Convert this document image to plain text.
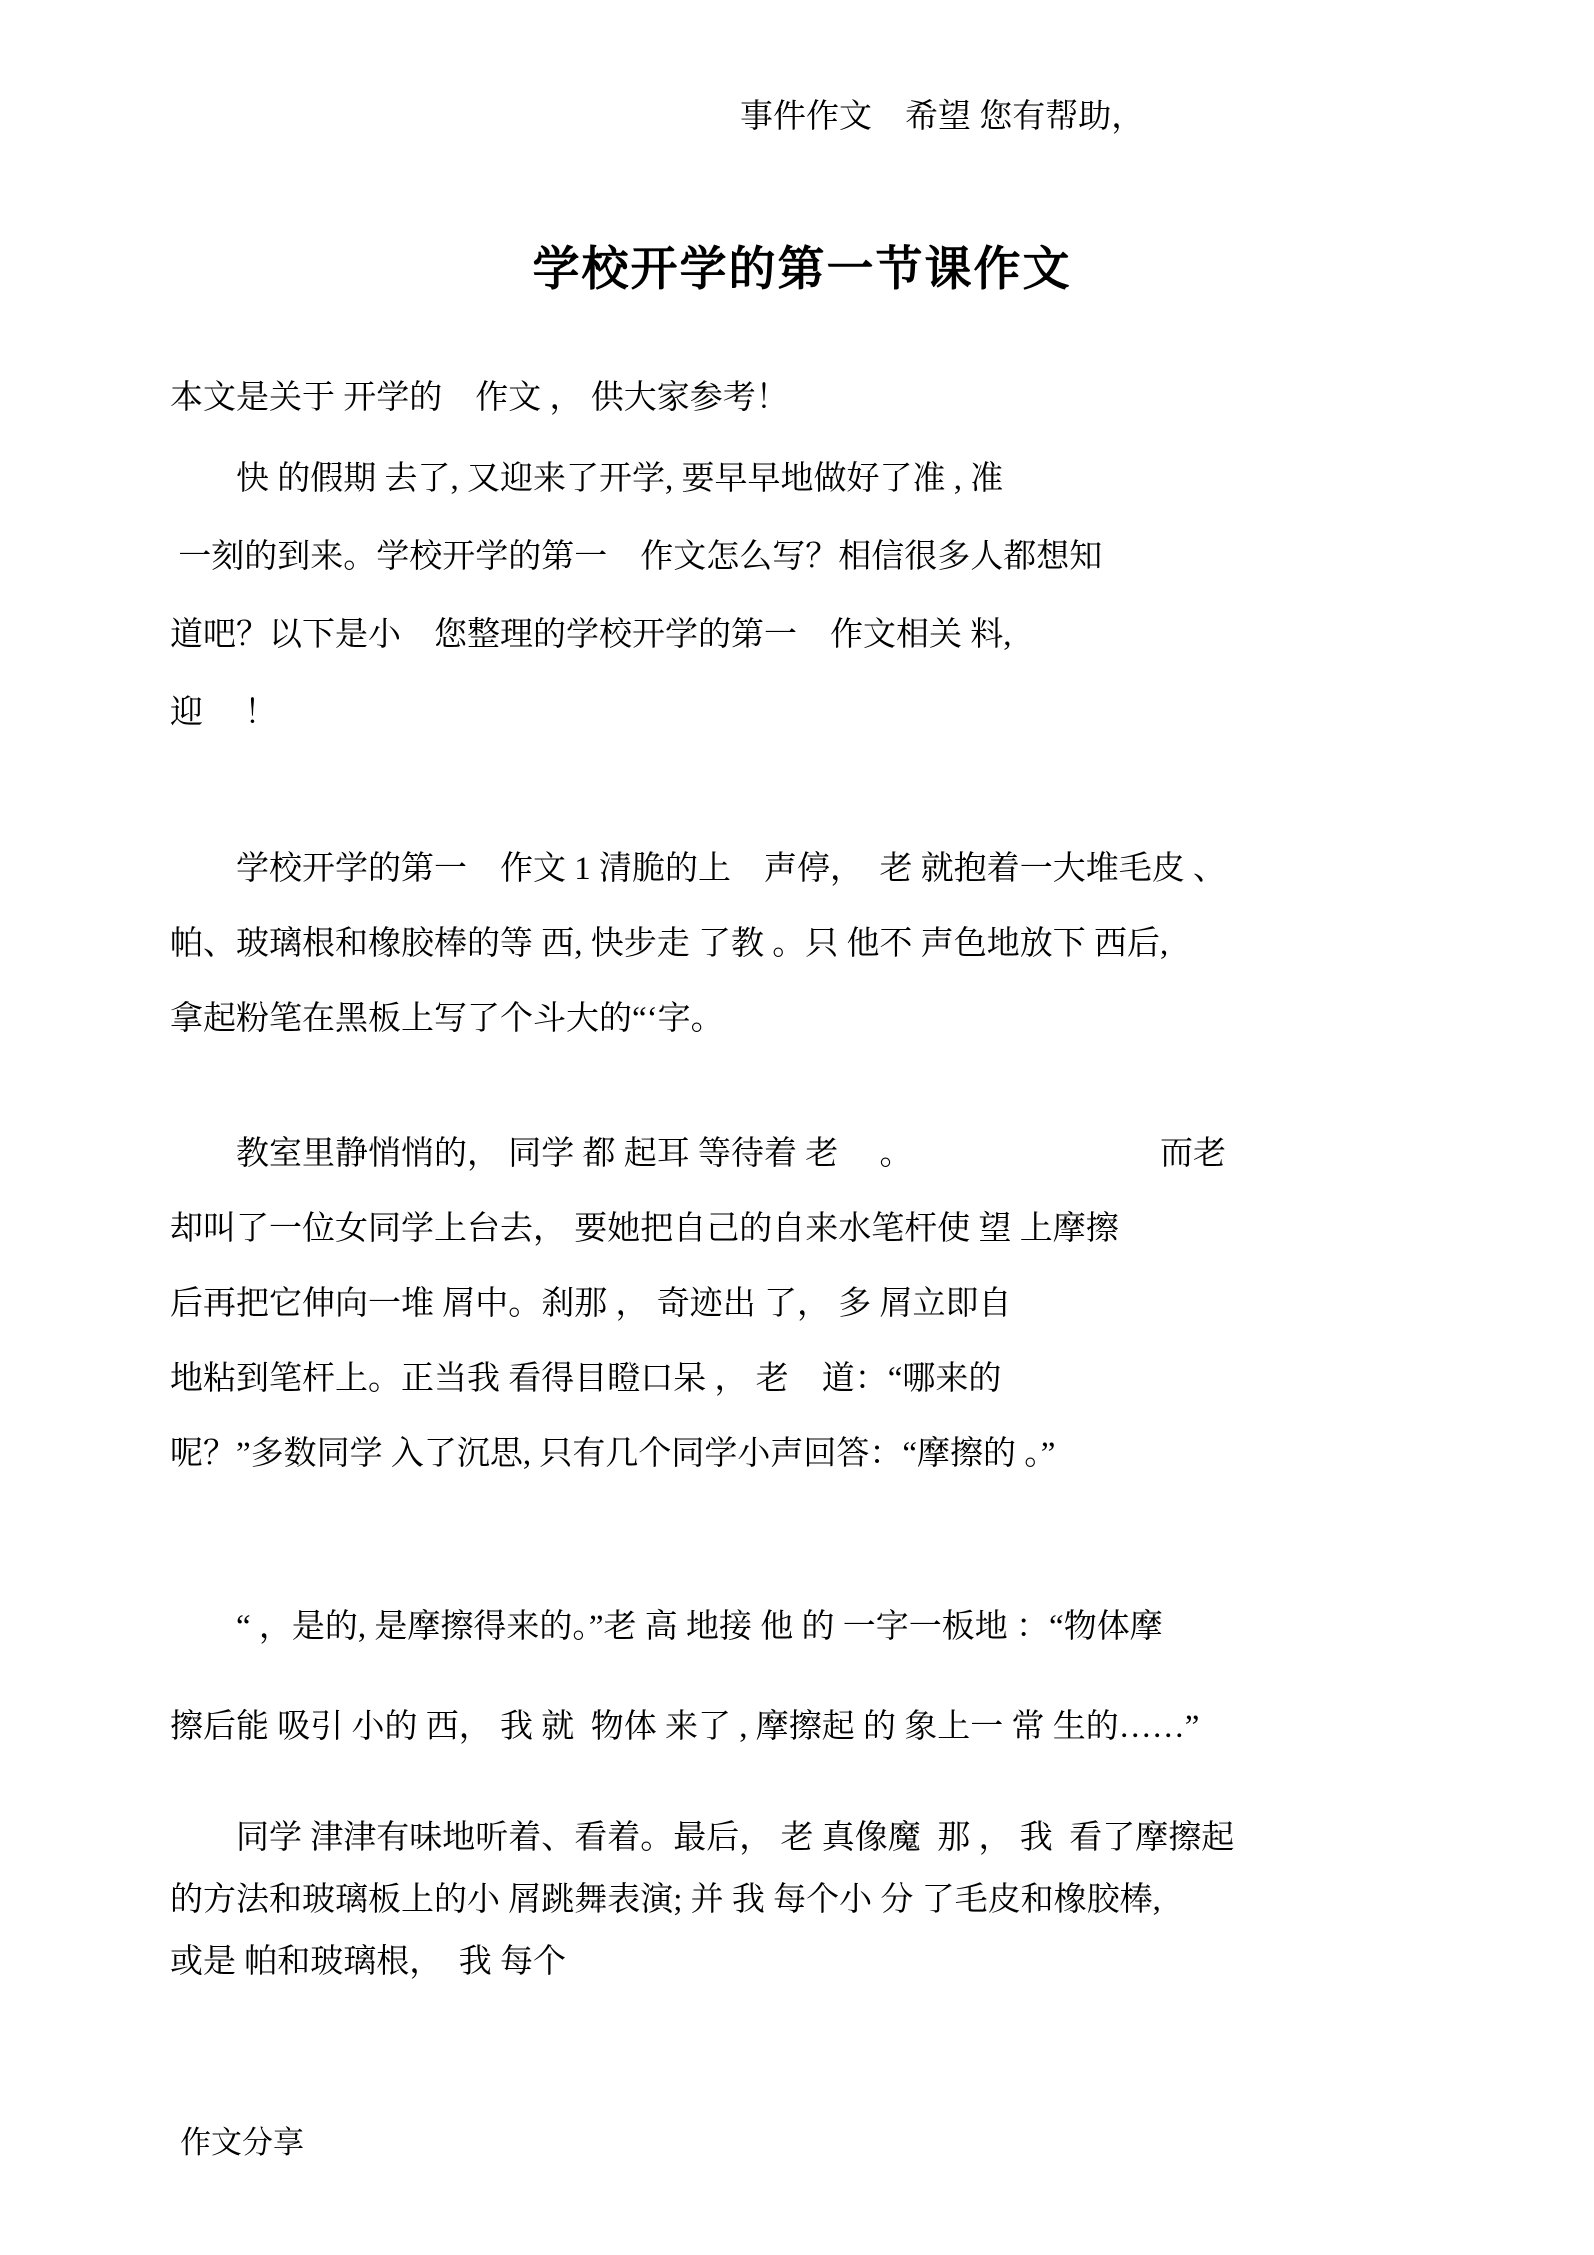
事件作文　希望 您有帮助，
学校开学的第一节课作文
本文是关于 开学的　作文 ， 供大家参考！
快 的假期 去了, 又迎来了开学, 要早早地做好了准 , 准
一刻的到来。学校开学的第一　作文怎么写？相信很多人都想知
道吧？以下是小　您整理的学校开学的第一　作文相关 料,
迎　 ！
学校开学的第一　作文 1 清脆的上　声停，　老 就抱着一大堆毛皮 、
帕、玻璃根和橡胶棒的等 西, 快步走 了教 。只 他不 声色地放下 西后,
拿起粉笔在黑板上写了个斗大的“‘字。
教室里静悄悄的， 同学 都 起耳 等待着 老 　。　　　　　　　　而老
却叫了一位女同学上台去， 要她把自己的自来水笔杆使 望 上摩擦
后再把它伸向一堆 屑中。刹那 ， 奇迹出 了， 多 屑立即自
地粘到笔杆上。正当我 看得目瞪口呆 ， 老　道：“哪来的
呢？”多数同学 入了沉思, 只有几个同学小声回答：“摩擦的 。”
“ ，是的, 是摩擦得来的。”老 高 地接 他 的 一字一板地 ：“物体摩
擦后能 吸引 小的 西， 我 就  物体 来了 , 摩擦起 的 象上一 常 生的……”
同学 津津有味地听着、看着。最后， 老 真像魔  那 ， 我  看了摩擦起
的方法和玻璃板上的小 屑跳舞表演; 并 我 每个小 分 了毛皮和橡胶棒,
或是 帕和玻璃根，  我 每个
作文分享
